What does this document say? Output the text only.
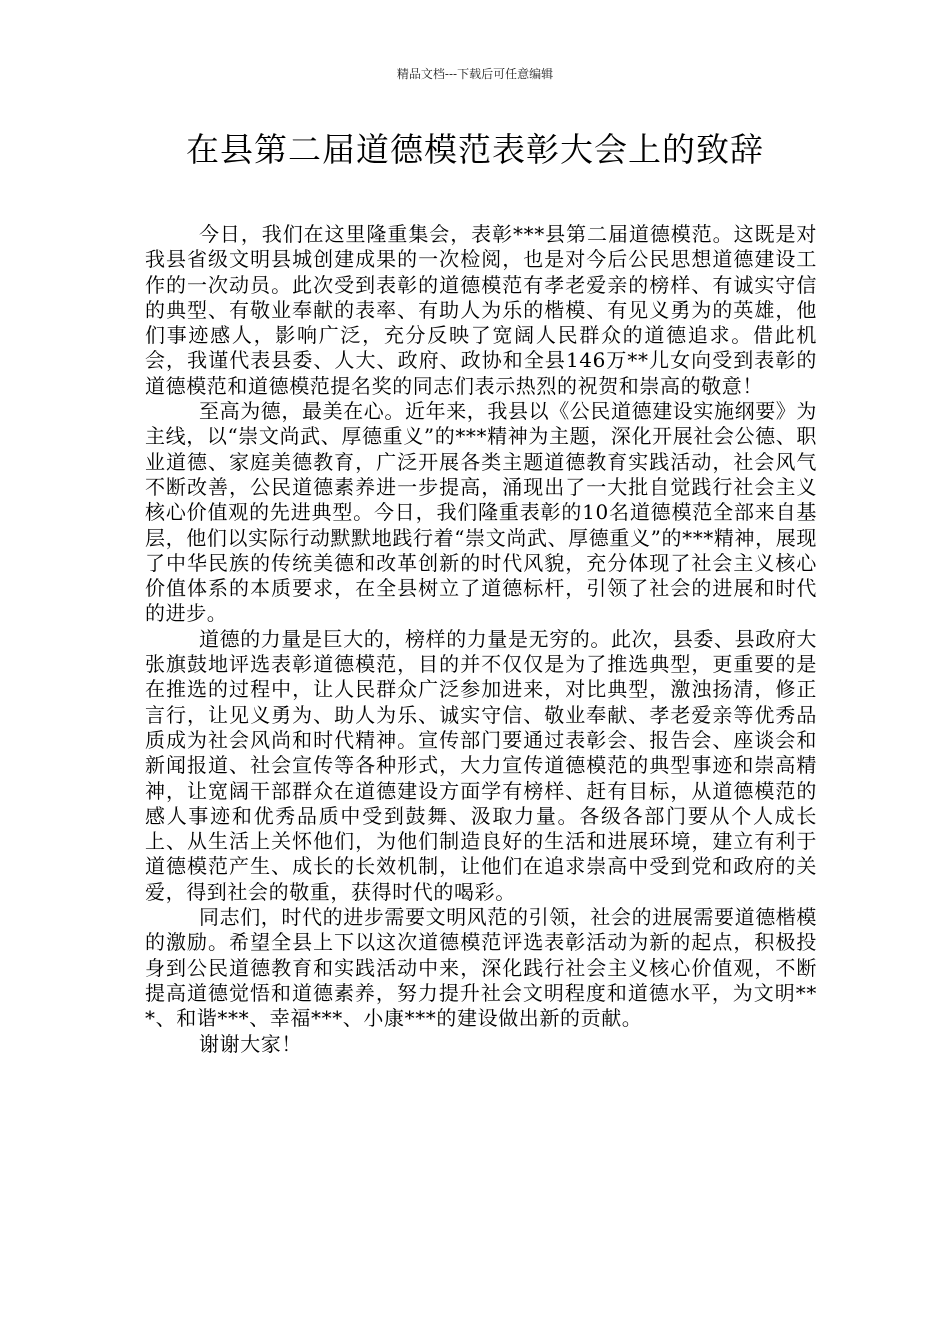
精品文档---下载后可任意编辑
在县第二届道德模范表彰大会上的致辞

今日，我们在这里隆重集会，表彰***县第二届道德模范。这既是对我县省级文明县城创建成果的一次检阅，也是对今后公民思想道德建设工作的一次动员。此次受到表彰的道德模范有孝老爱亲的榜样、有诚实守信的典型、有敬业奉献的表率、有助人为乐的楷模、有见义勇为的英雄，他们事迹感人，影响广泛，充分反映了宽阔人民群众的道德追求。借此机会，我谨代表县委、人大、政府、政协和全县146万**儿女向受到表彰的道德模范和道德模范提名奖的同志们表示热烈的祝贺和崇高的敬意！

至高为德，最美在心。近年来，我县以《公民道德建设实施纲要》为主线，以“崇文尚武、厚德重义”的***精神为主题，深化开展社会公德、职业道德、家庭美德教育，广泛开展各类主题道德教育实践活动，社会风气不断改善，公民道德素养进一步提高，涌现出了一大批自觉践行社会主义核心价值观的先进典型。今日，我们隆重表彰的10名道德模范全部来自基层，他们以实际行动默默地践行着“崇文尚武、厚德重义”的***精神，展现了中华民族的传统美德和改革创新的时代风貌，充分体现了社会主义核心价值体系的本质要求，在全县树立了道德标杆，引领了社会的进展和时代的进步。

道德的力量是巨大的，榜样的力量是无穷的。此次，县委、县政府大张旗鼓地评选表彰道德模范，目的并不仅仅是为了推选典型，更重要的是在推选的过程中，让人民群众广泛参加进来，对比典型，激浊扬清，修正言行，让见义勇为、助人为乐、诚实守信、敬业奉献、孝老爱亲等优秀品质成为社会风尚和时代精神。宣传部门要通过表彰会、报告会、座谈会和新闻报道、社会宣传等各种形式，大力宣传道德模范的典型事迹和崇高精神，让宽阔干部群众在道德建设方面学有榜样、赶有目标，从道德模范的感人事迹和优秀品质中受到鼓舞、汲取力量。各级各部门要从个人成长上、从生活上关怀他们，为他们制造良好的生活和进展环境，建立有利于道德模范产生、成长的长效机制，让他们在追求崇高中受到党和政府的关爱，得到社会的敬重，获得时代的喝彩。

同志们，时代的进步需要文明风范的引领，社会的进展需要道德楷模的激励。希望全县上下以这次道德模范评选表彰活动为新的起点，积极投身到公民道德教育和实践活动中来，深化践行社会主义核心价值观，不断提高道德觉悟和道德素养，努力提升社会文明程度和道德水平，为文明***、和谐***、幸福***、小康***的建设做出新的贡献。

谢谢大家！
